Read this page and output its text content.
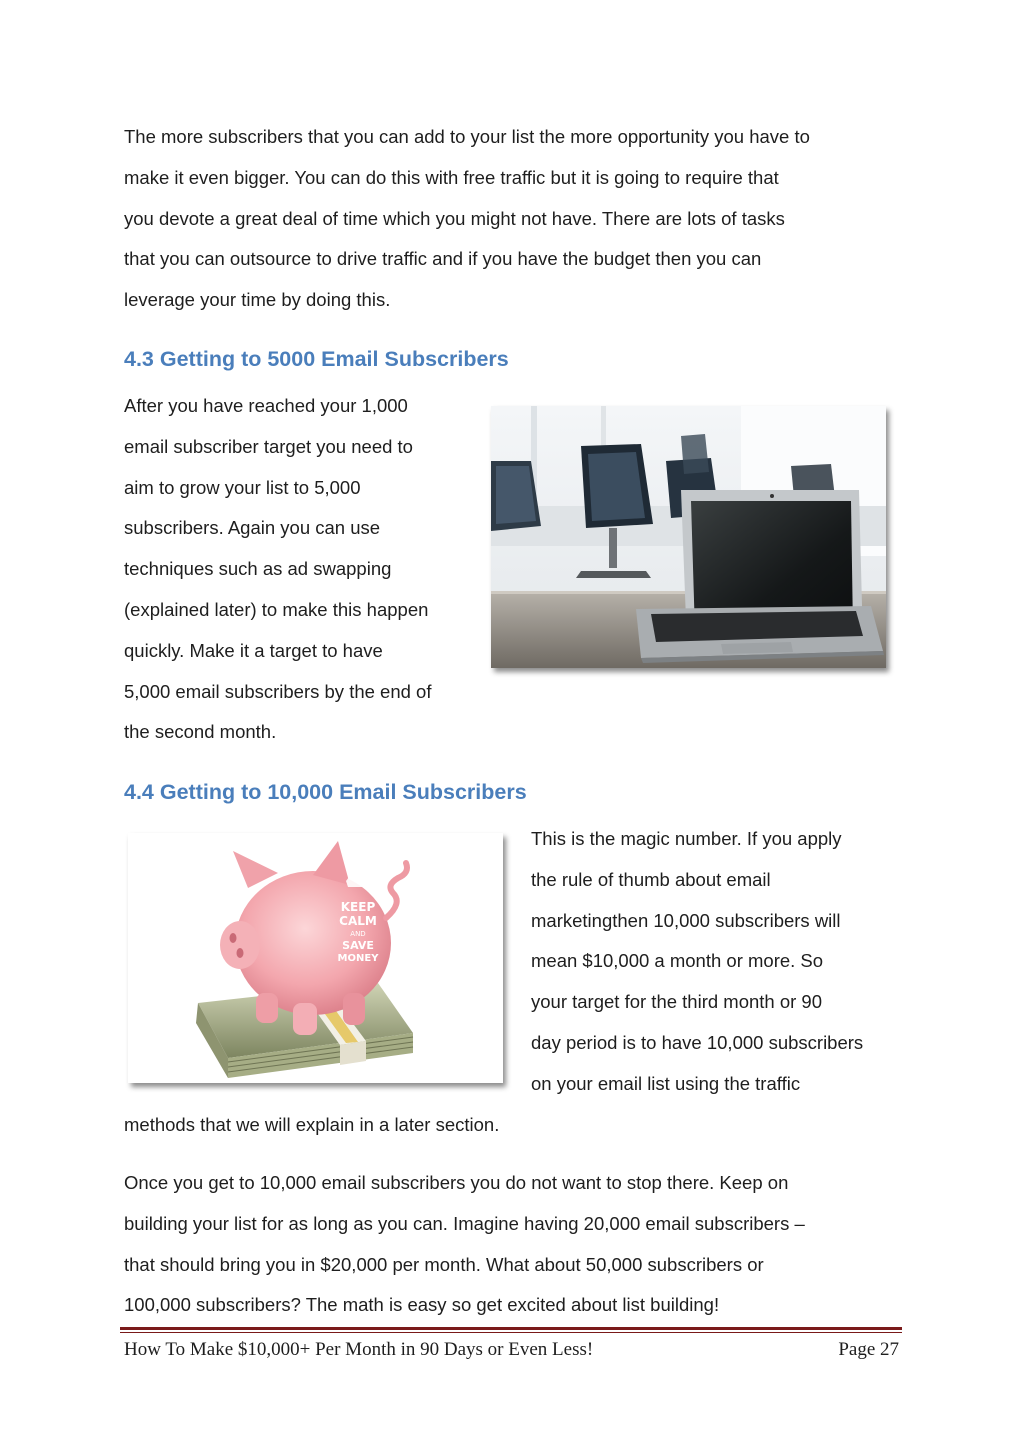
The more subscribers that you can add to your list the more opportunity you have to
make it even bigger. You can do this with free traffic but it is going to require that
you devote a great deal of time which you might not have. There are lots of tasks
that you can outsource to drive traffic and if you have the budget then you can
leverage your time by doing this.

4.3 Getting to 5000 Email Subscribers

After you have reached your 1,000
email subscriber target you need to
aim to grow your list to 5,000
subscribers. Again you can use
techniques such as ad swapping
(explained later) to make this happen
quickly. Make it a target to have
5,000 email subscribers by the end of
the second month.

4.4 Getting to 10,000 Email Subscribers
KEEP
CALM
AND
SAVE
MONEY

This is the magic number. If you apply
the rule of thumb about email
marketingthen 10,000 subscribers will
mean $10,000 a month or more. So
your target for the third month or 90
day period is to have 10,000 subscribers
on your email list using the traffic

methods that we will explain in a later section.

Once you get to 10,000 email subscribers you do not want to stop there. Keep on
building your list for as long as you can. Imagine having 20,000 email subscribers –
that should bring you in $20,000 per month. What about 50,000 subscribers or
100,000 subscribers? The math is easy so get excited about list building!

How To Make $10,000+ Per Month in 90 Days or Even Less!	Page 27
